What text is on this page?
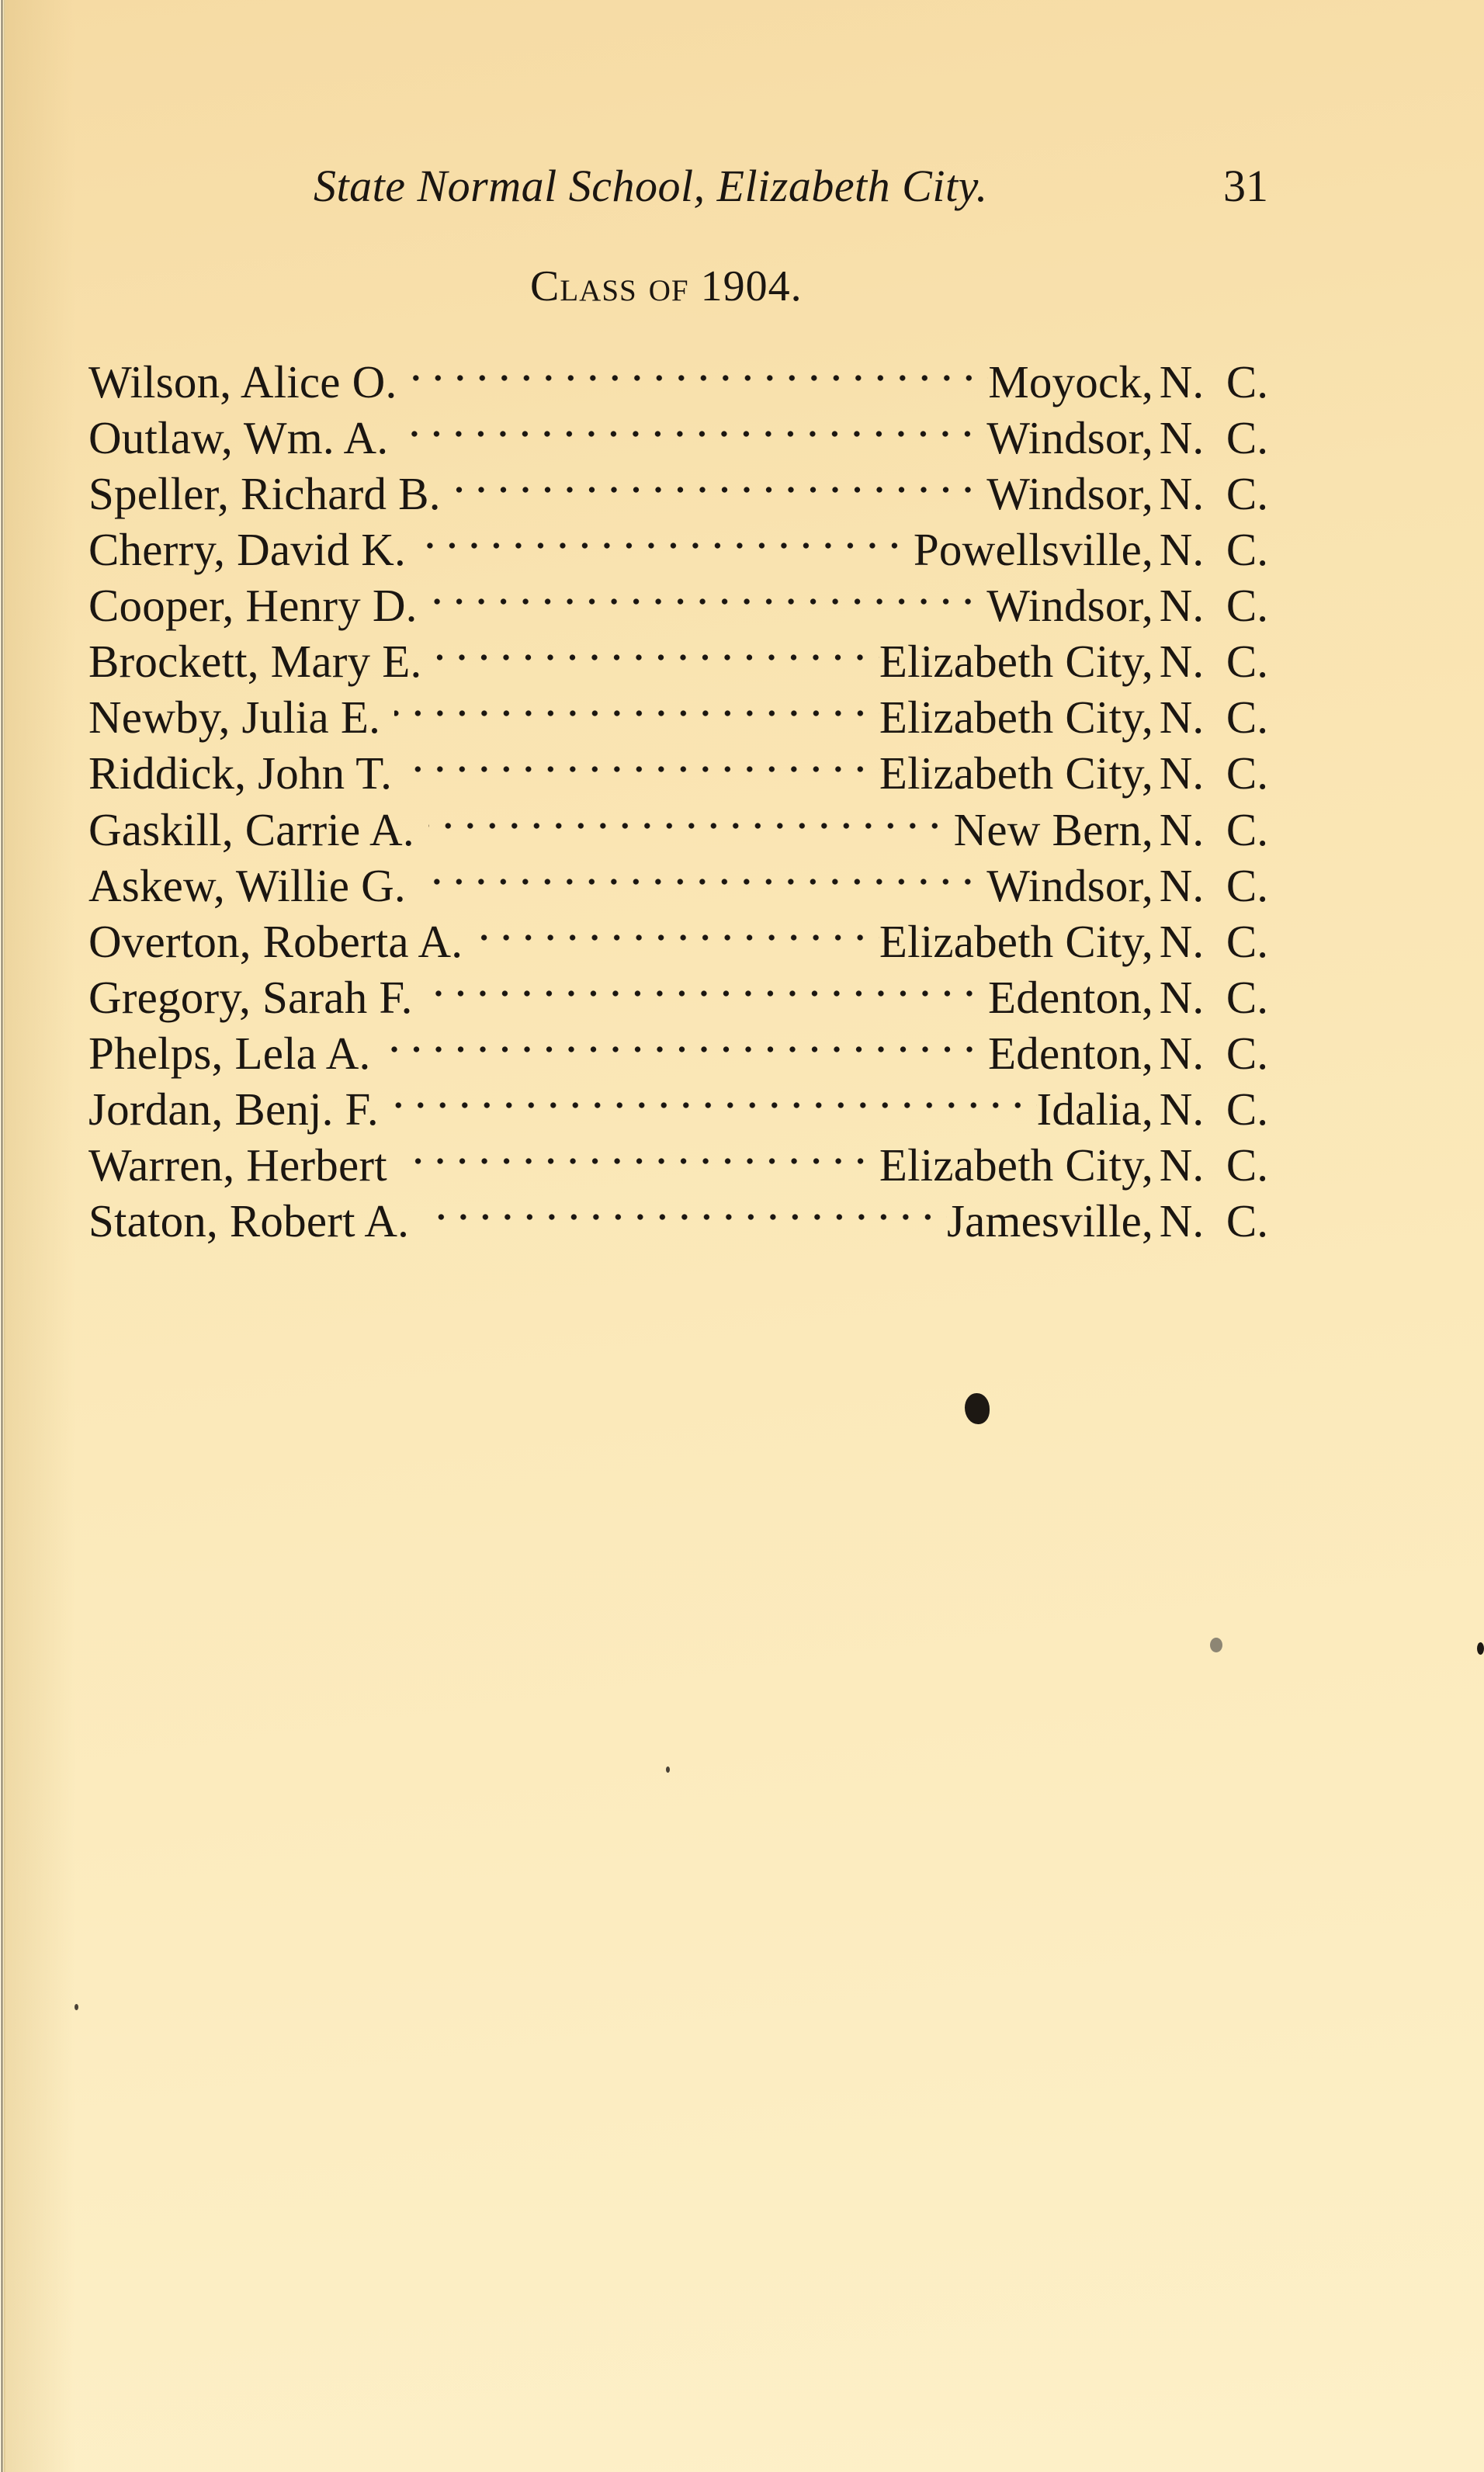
State Normal School, Elizabeth City.	31
Class of 1904.
Wilson, Alice O.	Moyock, N. C.
Outlaw, Wm. A.	Windsor, N. C.
Speller, Richard B.	Windsor, N. C.
Cherry, David K.	Powellsville, N. C.
Cooper, Henry D.	Windsor, N. C.
Brockett, Mary E.	Elizabeth City, N. C.
Newby, Julia E.	Elizabeth City, N. C.
Riddick, John T.	Elizabeth City, N. C.
Gaskill, Carrie A.	New Bern, N. C.
Askew, Willie G.	Windsor, N. C.
Overton, Roberta A.	Elizabeth City, N. C.
Gregory, Sarah F.	Edenton, N. C.
Phelps, Lela A.	Edenton, N. C.
Jordan, Benj. F.	Idalia, N. C.
Warren, Herbert	Elizabeth City, N. C.
Staton, Robert A.	Jamesville, N. C.
